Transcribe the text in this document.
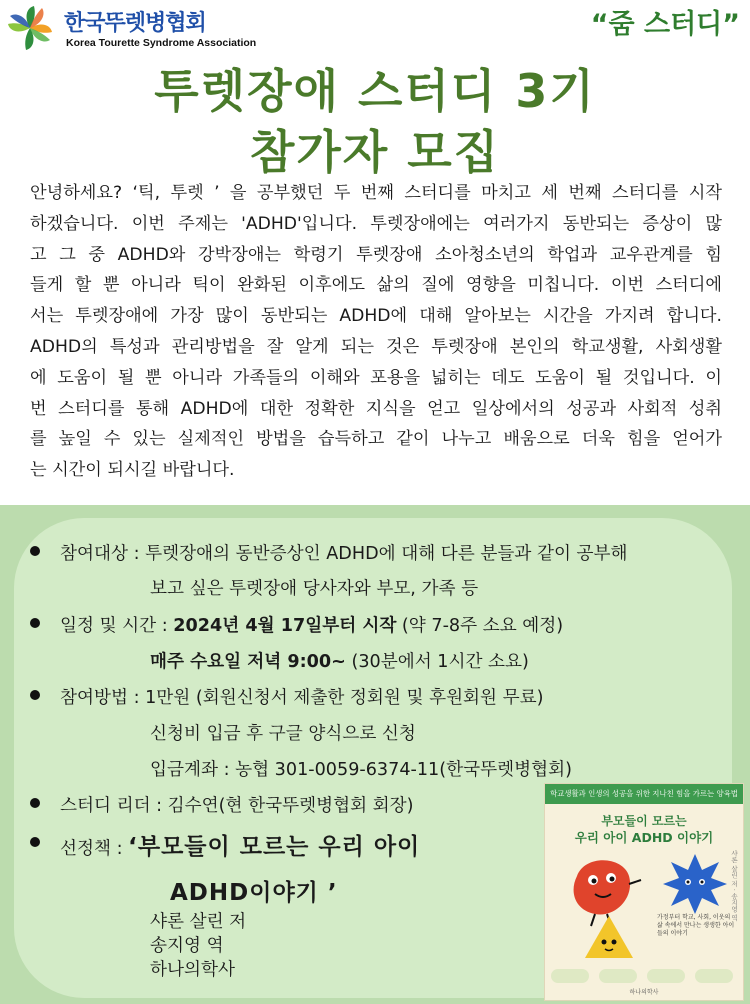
한국뚜렛병협회
Korea Tourette Syndrome Association
“줌 스터디”
투렛장애 스터디 3기
참가자 모집
안녕하세요? ‘틱, 투렛 ’ 을 공부했던 두 번째 스터디를 마치고 세 번째 스터디를 시작
하겠습니다. 이번 주제는 'ADHD'입니다. 투렛장애에는 여러가지 동반되는 증상이 많
고 그 중 ADHD와 강박장애는 학령기 투렛장애 소아청소년의 학업과 교우관계를 힘
들게 할 뿐 아니라 틱이 완화된 이후에도 삶의 질에 영향을 미칩니다. 이번 스터디에
서는 투렛장애에 가장 많이 동반되는 ADHD에 대해 알아보는 시간을 가지려 합니다.
ADHD의 특성과 관리방법을 잘 알게 되는 것은 투렛장애 본인의 학교생활, 사회생활
에 도움이 될 뿐 아니라 가족들의 이해와 포용을 넓히는 데도 도움이 될 것입니다. 이
번 스터디를 통해 ADHD에 대한 정확한 지식을 얻고 일상에서의 성공과 사회적 성취
를 높일 수 있는 실제적인 방법을 습득하고 같이 나누고 배움으로 더욱 힘을 얻어가
는 시간이 되시길 바랍니다.
참여대상 : 투렛장애의 동반증상인 ADHD에 대해 다른 분들과 같이 공부해
보고 싶은 투렛장애 당사자와 부모, 가족 등
일정 및 시간 : 2024년 4월 17일부터 시작 (약 7-8주 소요 예정)
매주 수요일 저녁 9:00~ (30분에서 1시간 소요)
참여방법 : 1만원 (회원신청서 제출한 정회원 및 후원회원 무료)
신청비 입금 후 구글 양식으로 신청
입금계좌 : 농협 301-0059-6374-11(한국뚜렛병협회)
스터디 리더 : 김수연(현 한국뚜렛병협회 회장)
선정책 : ‘부모들이 모르는 우리 아이
ADHD이야기 ’
샤론 살린 저
송지영 역
하나의학사
학교생활과 인생의 성공을 위한 지나친 힘을 가르는 양육법
부모들이 모르는
우리 아이 ADHD 이야기
샤론 살린 저 · 송지영 역
가정부터 학교, 사회, 이웃의 삶 속에서 만나는 생생한 아이들의 이야기
하나의학사
